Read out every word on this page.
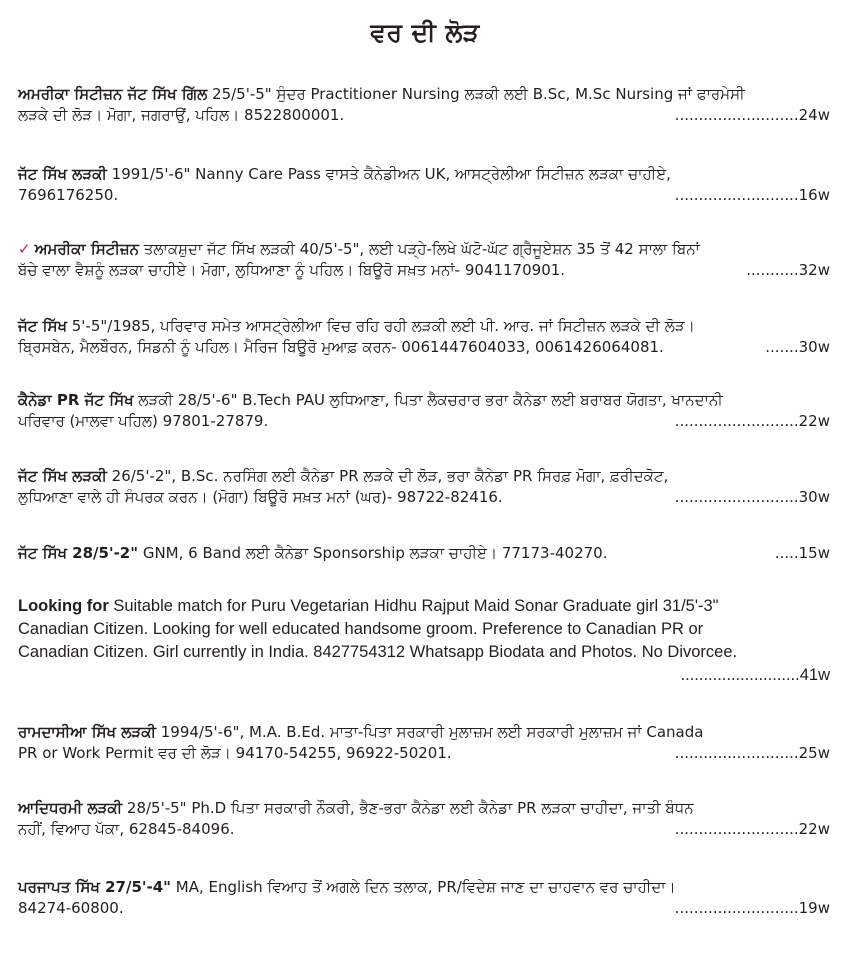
ਵਰ ਦੀ ਲੋੜ
ਅਮਰੀਕਾ ਸਿਟੀਜ਼ਨ ਜੱਟ ਸਿੱਖ ਗਿੱਲ 25/5'-5" ਸੁੰਦਰ Practitioner Nursing ਲੜਕੀ ਲਈ B.Sc, M.Sc Nursing ਜਾਂ ਫਾਰਮੇਸੀ
ਲੜਕੇ ਦੀ ਲੋੜ। ਮੋਗਾ, ਜਗਰਾਉਂ, ਪਹਿਲ। 8522800001.	..........................24w
ਜੱਟ ਸਿੱਖ ਲੜਕੀ 1991/5'-6" Nanny Care Pass ਵਾਸਤੇ ਕੈਨੇਡੀਅਨ UK, ਆਸਟ੍ਰੇਲੀਆ ਸਿਟੀਜ਼ਨ ਲੜਕਾ ਚਾਹੀਏ,
7696176250.	..........................16w
✓ ਅਮਰੀਕਾ ਸਿਟੀਜ਼ਨ ਤਲਾਕਸ਼ੁਦਾ ਜੱਟ ਸਿੱਖ ਲੜਕੀ 40/5'-5", ਲਈ ਪੜ੍ਹੇ-ਲਿਖੇ ਘੱਟੋ-ਘੱਟ ਗ੍ਰੈਜੂਏਸ਼ਨ 35 ਤੋਂ 42 ਸਾਲਾ ਬਿਨਾਂ
ਬੱਚੇ ਵਾਲਾ ਵੈਸ਼ਨੂੰ ਲੜਕਾ ਚਾਹੀਏ। ਮੋਗਾ, ਲੁਧਿਆਣਾ ਨੂੰ ਪਹਿਲ। ਬਿਊਰੋ ਸਖ਼ਤ ਮਨਾਂ- 9041170901.	...........32w
ਜੱਟ ਸਿੱਖ 5'-5"/1985, ਪਰਿਵਾਰ ਸਮੇਤ ਆਸਟ੍ਰੇਲੀਆ ਵਿਚ ਰਹਿ ਰਹੀ ਲੜਕੀ ਲਈ ਪੀ. ਆਰ. ਜਾਂ ਸਿਟੀਜ਼ਨ ਲੜਕੇ ਦੀ ਲੋੜ।
ਬ੍ਰਿਸਬੇਨ, ਮੈਲਬੌਰਨ, ਸਿਡਨੀ ਨੂੰ ਪਹਿਲ। ਮੈਰਿਜ ਬਿਊਰੋ ਮੁਆਫ਼ ਕਰਨ- 0061447604033, 0061426064081.	.......30w
ਕੈਨੇਡਾ PR ਜੱਟ ਸਿੱਖ ਲੜਕੀ 28/5'-6" B.Tech PAU ਲੁਧਿਆਣਾ, ਪਿਤਾ ਲੈਕਚਰਾਰ ਭਰਾ ਕੈਨੇਡਾ ਲਈ ਬਰਾਬਰ ਯੋਗਤਾ, ਖਾਨਦਾਨੀ
ਪਰਿਵਾਰ (ਮਾਲਵਾ ਪਹਿਲ) 97801-27879.	..........................22w
ਜੱਟ ਸਿੱਖ ਲੜਕੀ 26/5'-2", B.Sc. ਨਰਸਿੰਗ ਲਈ ਕੈਨੇਡਾ PR ਲੜਕੇ ਦੀ ਲੋੜ, ਭਰਾ ਕੈਨੇਡਾ PR ਸਿਰਫ਼ ਮੋਗਾ, ਫ਼ਰੀਦਕੋਟ,
ਲੁਧਿਆਣਾ ਵਾਲੇ ਹੀ ਸੰਪਰਕ ਕਰਨ। (ਮੋਗਾ) ਬਿਊਰੋ ਸਖ਼ਤ ਮਨਾਂ (ਘਰ)- 98722-82416.	..........................30w
ਜੱਟ ਸਿੱਖ 28/5'-2" GNM, 6 Band ਲਈ ਕੈਨੇਡਾ Sponsorship ਲੜਕਾ ਚਾਹੀਏ। 77173-40270.	.....15w
Looking for Suitable match for Puru Vegetarian Hidhu Rajput Maid Sonar Graduate girl 31/5'-3"
Canadian Citizen. Looking for well educated handsome groom. Preference to Canadian PR or
Canadian Citizen. Girl currently in India. 8427754312 Whatsapp Biodata and Photos. No Divorcee.
..........................41w
ਰਾਮਦਾਸੀਆ ਸਿੱਖ ਲੜਕੀ 1994/5'-6", M.A. B.Ed. ਮਾਤਾ-ਪਿਤਾ ਸਰਕਾਰੀ ਮੁਲਾਜ਼ਮ ਲਈ ਸਰਕਾਰੀ ਮੁਲਾਜ਼ਮ ਜਾਂ Canada
PR or Work Permit ਵਰ ਦੀ ਲੋੜ। 94170-54255, 96922-50201.	..........................25w
ਆਦਿਧਰਮੀ ਲੜਕੀ 28/5'-5" Ph.D ਪਿਤਾ ਸਰਕਾਰੀ ਨੌਕਰੀ, ਭੈਣ-ਭਰਾ ਕੈਨੇਡਾ ਲਈ ਕੈਨੇਡਾ PR ਲੜਕਾ ਚਾਹੀਦਾ, ਜਾਤੀ ਬੰਧਨ
ਨਹੀਂ, ਵਿਆਹ ਪੱਕਾ, 62845-84096.	..........................22w
ਪਰਜਾਪਤ ਸਿੱਖ 27/5'-4" MA, English ਵਿਆਹ ਤੋਂ ਅਗਲੇ ਦਿਨ ਤਲਾਕ, PR/ਵਿਦੇਸ਼ ਜਾਣ ਦਾ ਚਾਹਵਾਨ ਵਰ ਚਾਹੀਦਾ।
84274-60800.	..........................19w
